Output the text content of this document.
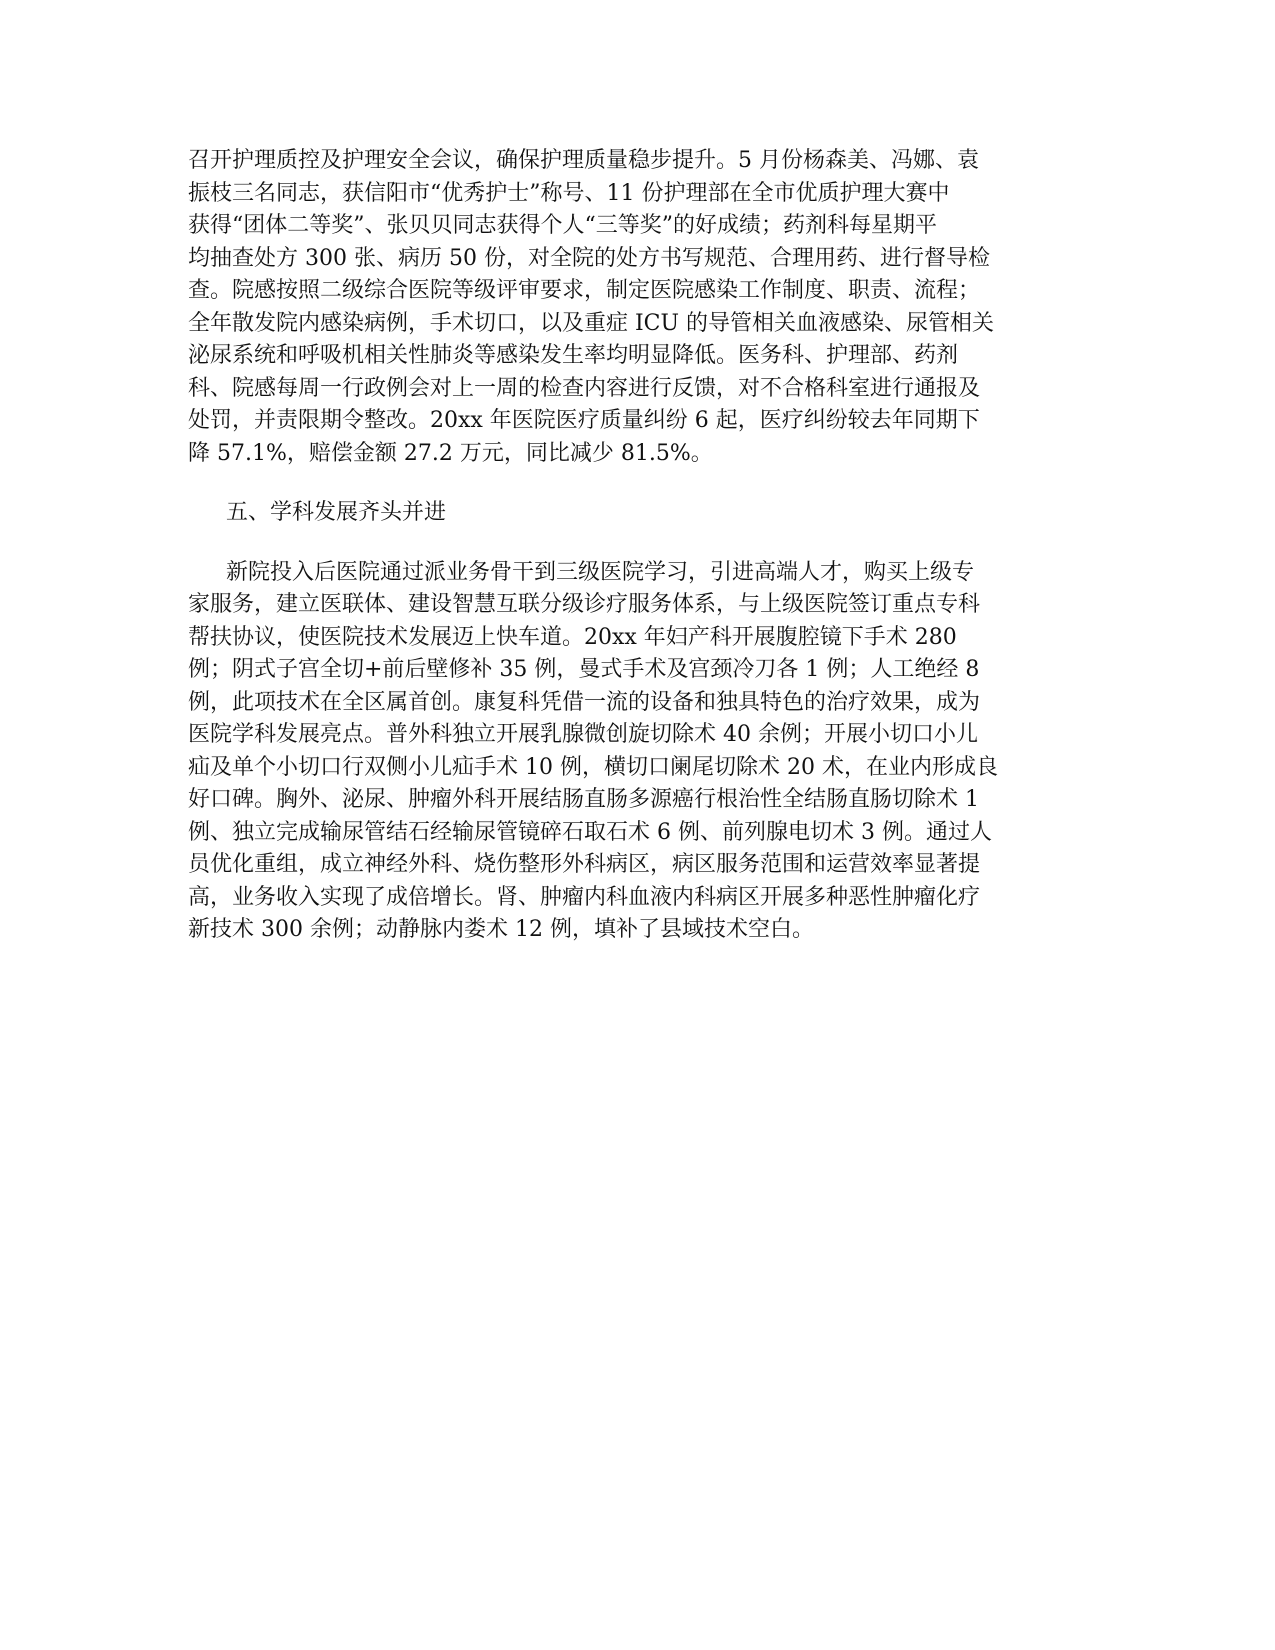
召开护理质控及护理安全会议，确保护理质量稳步提升。5 月份杨森美、冯娜、袁
振枝三名同志，获信阳市“优秀护士”称号、11 份护理部在全市优质护理大赛中
获得“团体二等奖”、张贝贝同志获得个人“三等奖”的好成绩；药剂科每星期平
均抽查处方 300 张、病历 50 份，对全院的处方书写规范、合理用药、进行督导检
查。院感按照二级综合医院等级评审要求，制定医院感染工作制度、职责、流程；
全年散发院内感染病例，手术切口，以及重症 ICU 的导管相关血液感染、尿管相关
泌尿系统和呼吸机相关性肺炎等感染发生率均明显降低。医务科、护理部、药剂
科、院感每周一行政例会对上一周的检查内容进行反馈，对不合格科室进行通报及
处罚，并责限期令整改。20xx 年医院医疗质量纠纷 6 起，医疗纠纷较去年同期下
降 57.1%，赔偿金额 27.2 万元，同比减少 81.5%。
五、学科发展齐头并进
新院投入后医院通过派业务骨干到三级医院学习，引进高端人才，购买上级专
家服务，建立医联体、建设智慧互联分级诊疗服务体系，与上级医院签订重点专科
帮扶协议，使医院技术发展迈上快车道。20xx 年妇产科开展腹腔镜下手术 280
例；阴式子宫全切+前后壁修补 35 例，曼式手术及宫颈冷刀各 1 例；人工绝经 8
例，此项技术在全区属首创。康复科凭借一流的设备和独具特色的治疗效果，成为
医院学科发展亮点。普外科独立开展乳腺微创旋切除术 40 余例；开展小切口小儿
疝及单个小切口行双侧小儿疝手术 10 例，横切口阑尾切除术 20 术，在业内形成良
好口碑。胸外、泌尿、肿瘤外科开展结肠直肠多源癌行根治性全结肠直肠切除术 1
例、独立完成输尿管结石经输尿管镜碎石取石术 6 例、前列腺电切术 3 例。通过人
员优化重组，成立神经外科、烧伤整形外科病区，病区服务范围和运营效率显著提
高，业务收入实现了成倍增长。肾、肿瘤内科血液内科病区开展多种恶性肿瘤化疗
新技术 300 余例；动静脉内娄术 12 例，填补了县域技术空白。
